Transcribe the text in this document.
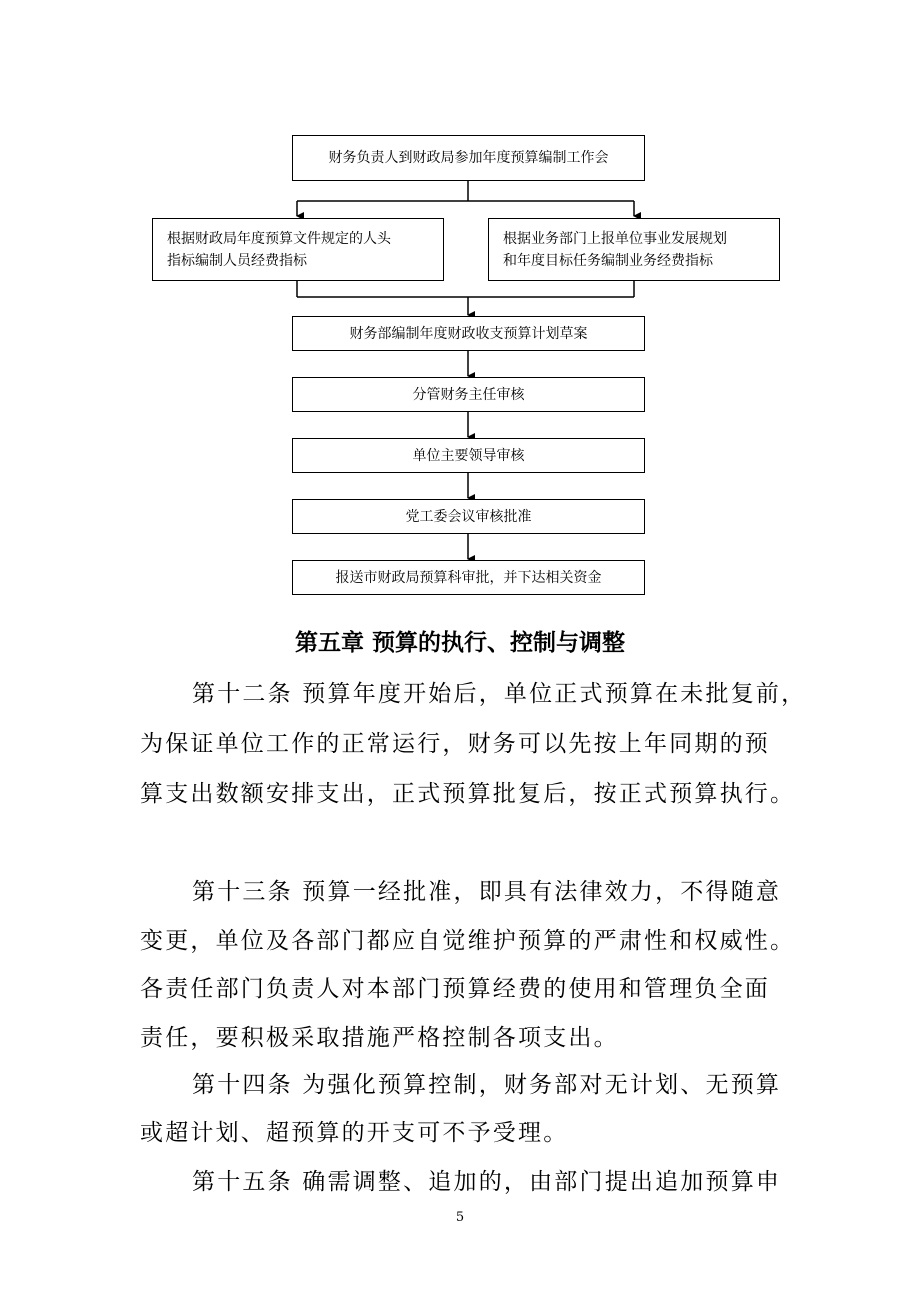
财务负责人到财政局参加年度预算编制工作会
根据财政局年度预算文件规定的人头
指标编制人员经费指标
根据业务部门上报单位事业发展规划
和年度目标任务编制业务经费指标
财务部编制年度财政收支预算计划草案
分管财务主任审核
单位主要领导审核
党工委会议审核批准
报送市财政局预算科审批，并下达相关资金
第五章 预算的执行、控制与调整
第十二条 预算年度开始后，单位正式预算在未批复前，
为保证单位工作的正常运行，财务可以先按上年同期的预
算支出数额安排支出，正式预算批复后，按正式预算执行。
第十三条 预算一经批准，即具有法律效力，不得随意
变更，单位及各部门都应自觉维护预算的严肃性和权威性。
各责任部门负责人对本部门预算经费的使用和管理负全面
责任，要积极采取措施严格控制各项支出。
第十四条 为强化预算控制，财务部对无计划、无预算
或超计划、超预算的开支可不予受理。
第十五条 确需调整、追加的，由部门提出追加预算申
5
